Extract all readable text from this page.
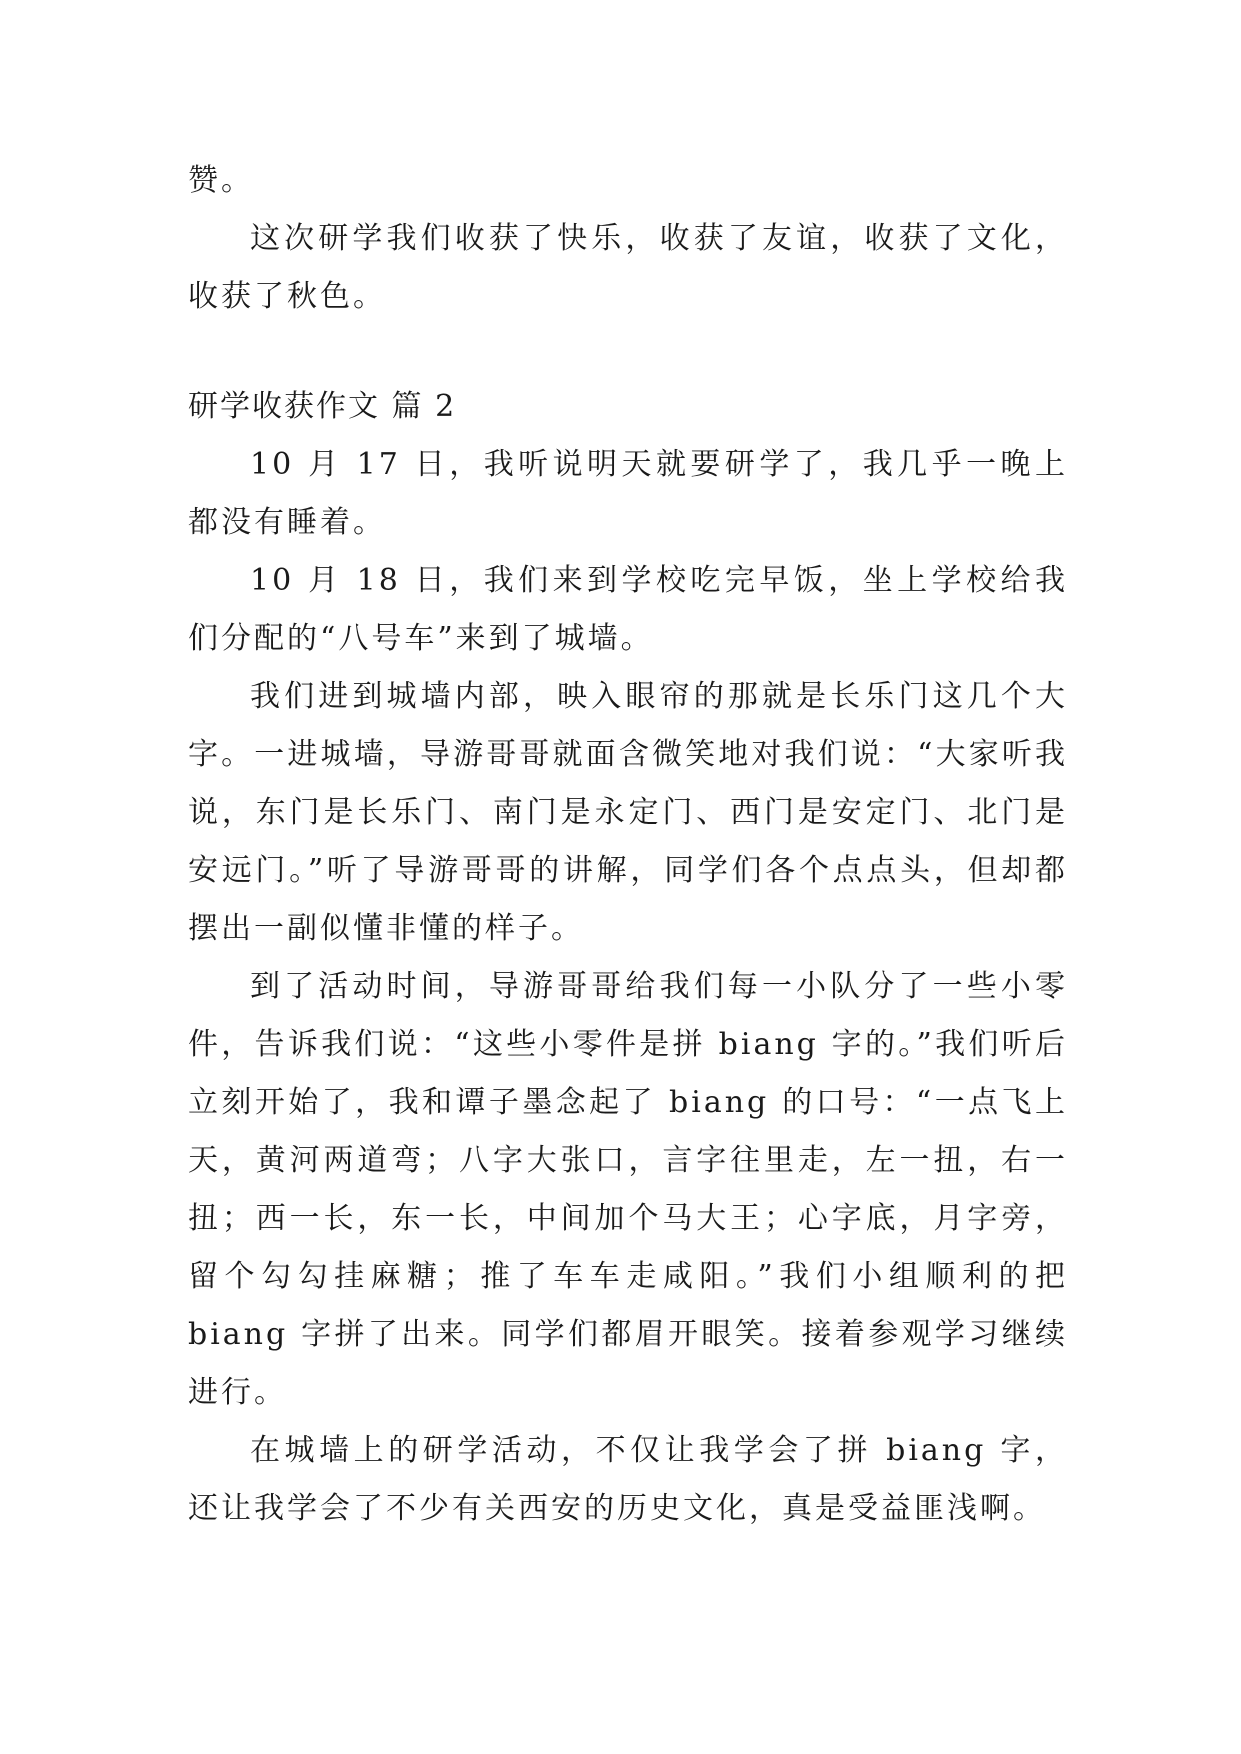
赞。

这次研学我们收获了快乐，收获了友谊，收获了文化，收获了秋色。

研学收获作文 篇 2

10 月 17 日，我听说明天就要研学了，我几乎一晚上都没有睡着。

10 月 18 日，我们来到学校吃完早饭，坐上学校给我们分配的“八号车”来到了城墙。

我们进到城墙内部，映入眼帘的那就是长乐门这几个大字。一进城墙，导游哥哥就面含微笑地对我们说：“大家听我说，东门是长乐门、南门是永定门、西门是安定门、北门是安远门。”听了导游哥哥的讲解，同学们各个点点头，但却都摆出一副似懂非懂的样子。

到了活动时间，导游哥哥给我们每一小队分了一些小零件，告诉我们说：“这些小零件是拼 biang 字的。”我们听后立刻开始了，我和谭子墨念起了 biang 的口号：“一点飞上天，黄河两道弯；八字大张口，言字往里走，左一扭，右一扭；西一长，东一长，中间加个马大王；心字底，月字旁，留个勾勾挂麻糖；推了车车走咸阳。”我们小组顺利的把 biang 字拼了出来。同学们都眉开眼笑。接着参观学习继续进行。

在城墙上的研学活动，不仅让我学会了拼 biang 字，还让我学会了不少有关西安的历史文化，真是受益匪浅啊。
